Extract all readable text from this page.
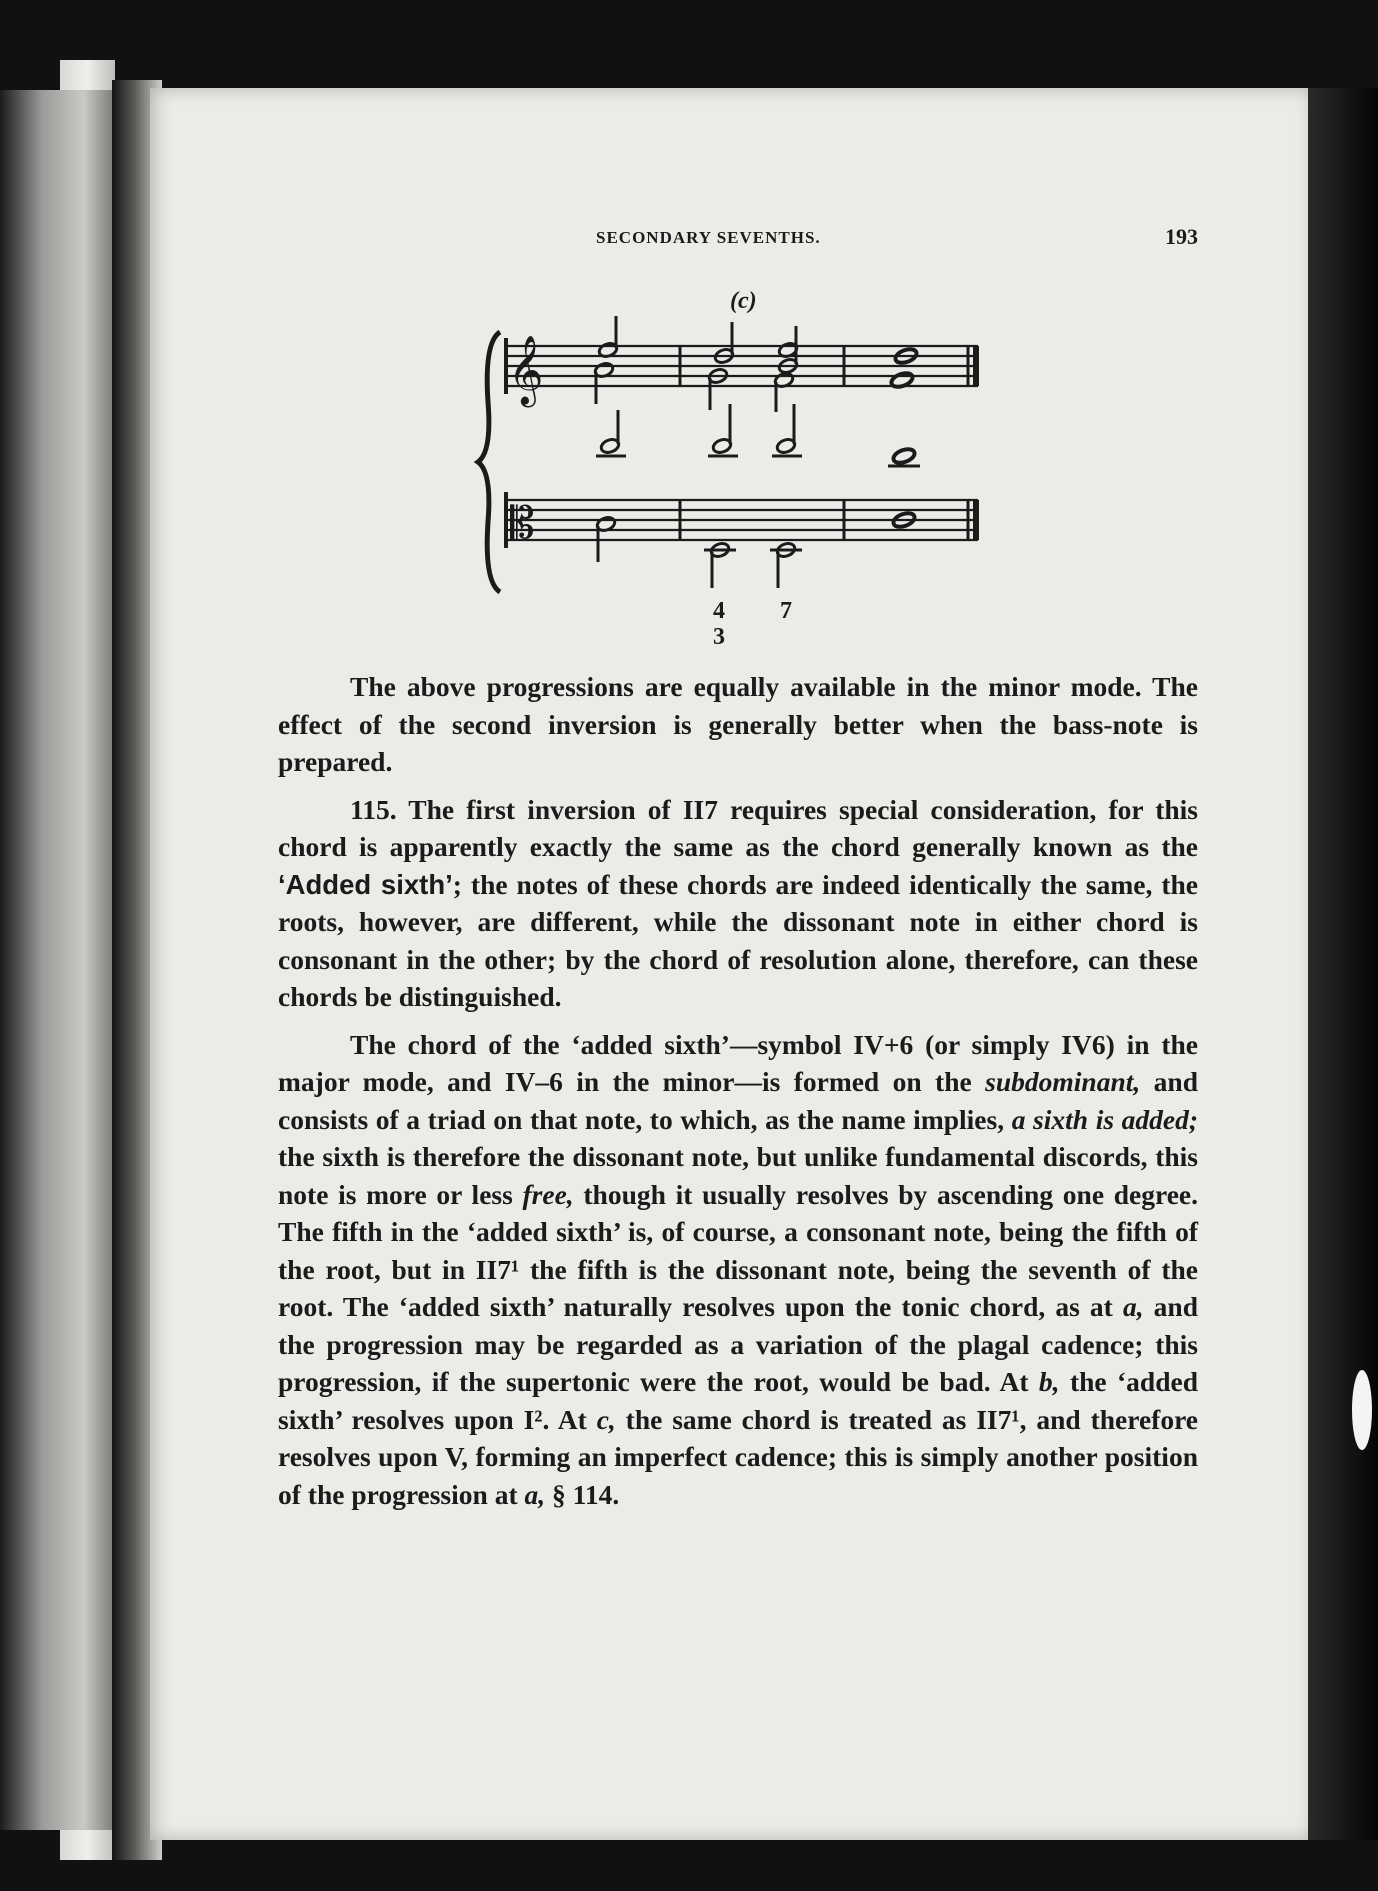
SECONDARY SEVENTHS.	193
(c)
𝄞
𝄡
4
3
7

The above progressions are equally available in the minor mode. The effect of the second inversion is generally better when the bass-note is prepared.

115. The first inversion of II7 requires special consideration, for this chord is apparently exactly the same as the chord generally known as the ‘Added sixth’; the notes of these chords are indeed identically the same, the roots, however, are different, while the dissonant note in either chord is consonant in the other; by the chord of resolution alone, therefore, can these chords be distinguished.

The chord of the ‘added sixth’—symbol IV+6 (or simply IV6) in the major mode, and IV–6 in the minor—is formed on the subdominant, and consists of a triad on that note, to which, as the name implies, a sixth is added; the sixth is therefore the dissonant note, but unlike fundamental discords, this note is more or less free, though it usually resolves by ascending one degree. The fifth in the ‘added sixth’ is, of course, a consonant note, being the fifth of the root, but in II7¹ the fifth is the dissonant note, being the seventh of the root. The ‘added sixth’ naturally resolves upon the tonic chord, as at a, and the progression may be regarded as a variation of the plagal cadence; this progression, if the supertonic were the root, would be bad. At b, the ‘added sixth’ resolves upon I². At c, the same chord is treated as II7¹, and therefore resolves upon V, forming an imperfect cadence; this is simply another position of the progression at a, § 114.
